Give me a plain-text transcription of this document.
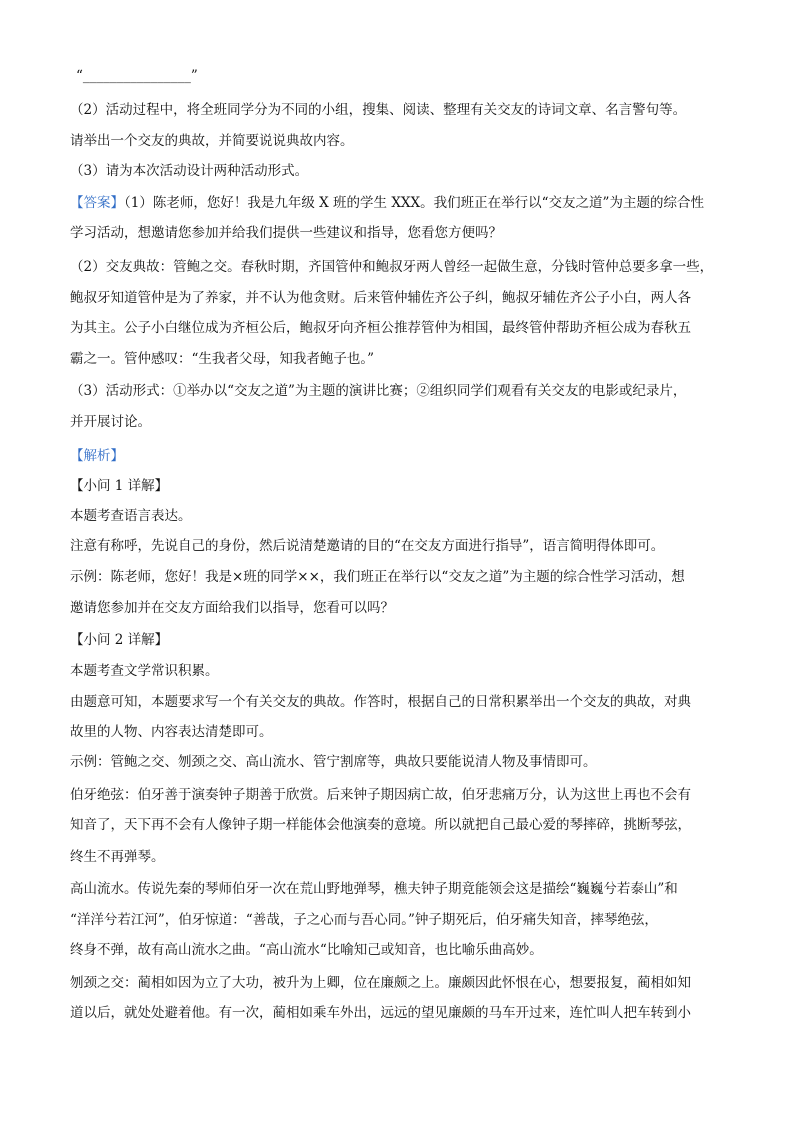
“________________”
（2）活动过程中，将全班同学分为不同的小组，搜集、阅读、整理有关交友的诗词文章、名言警句等。
请举出一个交友的典故，并简要说说典故内容。
（3）请为本次活动设计两种活动形式。
【答案】（1）陈老师，您好！我是九年级 X 班的学生 XXX。我们班正在举行以“交友之道”为主题的综合性
学习活动，想邀请您参加并给我们提供一些建议和指导，您看您方便吗？
（2）交友典故：管鲍之交。春秋时期，齐国管仲和鲍叔牙两人曾经一起做生意，分钱时管仲总要多拿一些，
鲍叔牙知道管仲是为了养家，并不认为他贪财。后来管仲辅佐齐公子纠，鲍叔牙辅佐齐公子小白，两人各
为其主。公子小白继位成为齐桓公后，鲍叔牙向齐桓公推荐管仲为相国，最终管仲帮助齐桓公成为春秋五
霸之一。管仲感叹：“生我者父母，知我者鲍子也。”
（3）活动形式：①举办以“交友之道”为主题的演讲比赛；②组织同学们观看有关交友的电影或纪录片，
并开展讨论。
【解析】
【小问 1 详解】
本题考查语言表达。
注意有称呼，先说自己的身份，然后说清楚邀请的目的“在交友方面进行指导”，语言简明得体即可。
示例：陈老师，您好！我是×班的同学××，我们班正在举行以“交友之道”为主题的综合性学习活动，想
邀请您参加并在交友方面给我们以指导，您看可以吗？
【小问 2 详解】
本题考查文学常识积累。
由题意可知，本题要求写一个有关交友的典故。作答时，根据自己的日常积累举出一个交友的典故，对典
故里的人物、内容表达清楚即可。
示例：管鲍之交、刎颈之交、高山流水、管宁割席等，典故只要能说清人物及事情即可。
伯牙绝弦：伯牙善于演奏钟子期善于欣赏。后来钟子期因病亡故，伯牙悲痛万分，认为这世上再也不会有
知音了，天下再不会有人像钟子期一样能体会他演奏的意境。所以就把自己最心爱的琴摔碎，挑断琴弦，
终生不再弹琴。
高山流水。传说先秦的琴师伯牙一次在荒山野地弹琴，樵夫钟子期竟能领会这是描绘“巍巍兮若泰山”和
“洋洋兮若江河”，伯牙惊道：“善哉，子之心而与吾心同。”钟子期死后，伯牙痛失知音，摔琴绝弦，
终身不弹，故有高山流水之曲。“高山流水“比喻知己或知音，也比喻乐曲高妙。
刎颈之交：蔺相如因为立了大功，被升为上卿，位在廉颇之上。廉颇因此怀恨在心，想要报复，蔺相如知
道以后，就处处避着他。有一次，蔺相如乘车外出，远远的望见廉颇的马车开过来，连忙叫人把车转到小
